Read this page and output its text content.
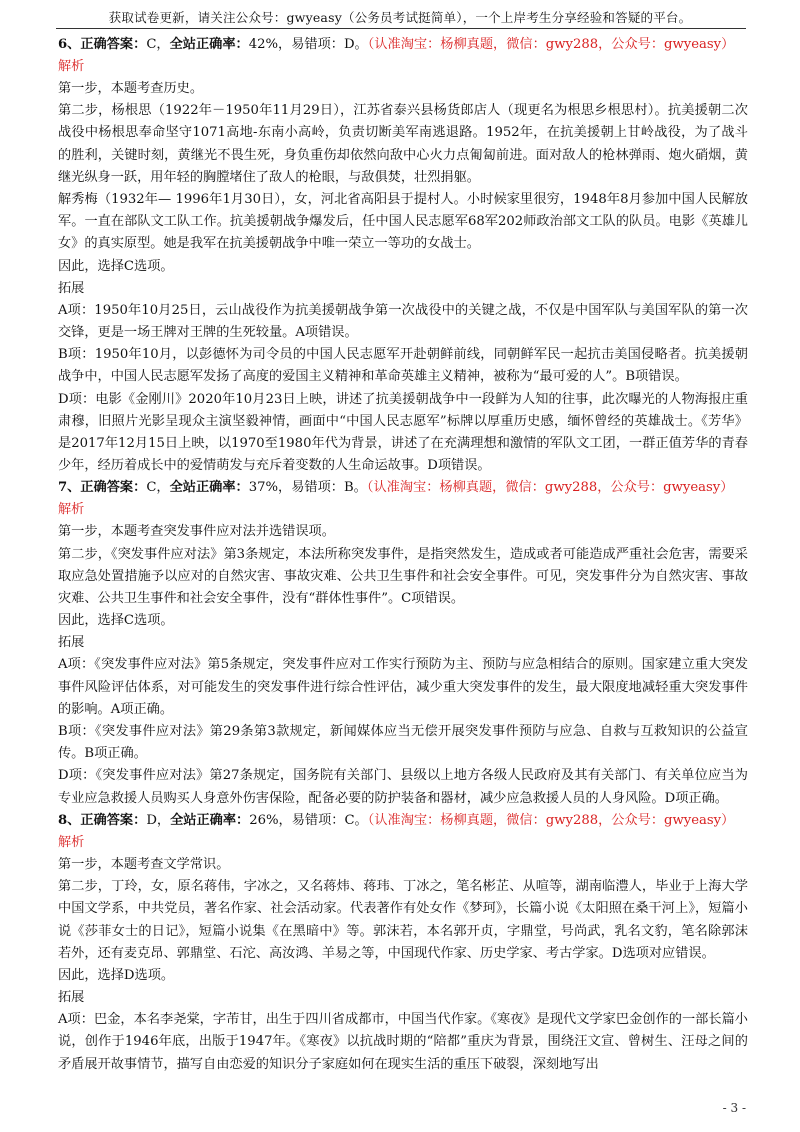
获取试卷更新，请关注公众号：gwyeasy（公务员考试挺简单），一个上岸考生分享经验和答疑的平台。
6、正确答案：C，全站正确率：42%，易错项：D。（认准淘宝：杨柳真题，微信：gwy288，公众号：gwyeasy）
解析

第一步，本题考查历史。

第二步，杨根思（1922年－1950年11月29日），江苏省泰兴县杨货郎店人（现更名为根思乡根思村）。抗美援朝二次战役中杨根思奉命坚守1071高地-东南小高岭，负责切断美军南逃退路。1952年，在抗美援朝上甘岭战役，为了战斗的胜利，关键时刻，黄继光不畏生死，身负重伤却依然向敌中心火力点匍匐前进。面对敌人的枪林弹雨、炮火硝烟，黄继光纵身一跃，用年轻的胸膛堵住了敌人的枪眼，与敌俱焚，壮烈捐躯。

解秀梅（1932年— 1996年1月30日），女，河北省高阳县于提村人。小时候家里很穷，1948年8月参加中国人民解放军。一直在部队文工队工作。抗美援朝战争爆发后，任中国人民志愿军68军202师政治部文工队的队员。电影《英雄儿女》的真实原型。她是我军在抗美援朝战争中唯一荣立一等功的女战士。

因此，选择C选项。

拓展

A项：1950年10月25日，云山战役作为抗美援朝战争第一次战役中的关键之战，不仅是中国军队与美国军队的第一次交锋，更是一场王牌对王牌的生死较量。A项错误。

B项：1950年10月，以彭德怀为司令员的中国人民志愿军开赴朝鲜前线，同朝鲜军民一起抗击美国侵略者。抗美援朝战争中，中国人民志愿军发扬了高度的爱国主义精神和革命英雄主义精神，被称为“最可爱的人”。B项错误。

D项：电影《金刚川》2020年10月23日上映，讲述了抗美援朝战争中一段鲜为人知的往事，此次曝光的人物海报庄重肃穆，旧照片光影呈现众主演坚毅神情，画面中“中国人民志愿军”标牌以厚重历史感，缅怀曾经的英雄战士。《芳华》是2017年12月15日上映，以1970至1980年代为背景，讲述了在充满理想和激情的军队文工团，一群正值芳华的青春少年，经历着成长中的爱情萌发与充斥着变数的人生命运故事。D项错误。

7、正确答案：C，全站正确率：37%，易错项：B。（认准淘宝：杨柳真题，微信：gwy288，公众号：gwyeasy）
解析

第一步，本题考查突发事件应对法并选错误项。

第二步，《突发事件应对法》第3条规定，本法所称突发事件，是指突然发生，造成或者可能造成严重社会危害，需要采取应急处置措施予以应对的自然灾害、事故灾难、公共卫生事件和社会安全事件。可见，突发事件分为自然灾害、事故灾难、公共卫生事件和社会安全事件，没有“群体性事件”。C项错误。

因此，选择C选项。

拓展

A项：《突发事件应对法》第5条规定，突发事件应对工作实行预防为主、预防与应急相结合的原则。国家建立重大突发事件风险评估体系，对可能发生的突发事件进行综合性评估，减少重大突发事件的发生，最大限度地减轻重大突发事件的影响。A项正确。

B项：《突发事件应对法》第29条第3款规定，新闻媒体应当无偿开展突发事件预防与应急、自救与互救知识的公益宣传。B项正确。

D项：《突发事件应对法》第27条规定，国务院有关部门、县级以上地方各级人民政府及其有关部门、有关单位应当为专业应急救援人员购买人身意外伤害保险，配备必要的防护装备和器材，减少应急救援人员的人身风险。D项正确。

8、正确答案：D，全站正确率：26%，易错项：C。（认准淘宝：杨柳真题，微信：gwy288，公众号：gwyeasy）
解析

第一步，本题考查文学常识。

第二步，丁玲，女，原名蒋伟，字冰之，又名蒋炜、蒋玮、丁冰之，笔名彬芷、从喧等，湖南临澧人，毕业于上海大学中国文学系，中共党员，著名作家、社会活动家。代表著作有处女作《梦珂》，长篇小说《太阳照在桑干河上》，短篇小说《莎菲女士的日记》，短篇小说集《在黑暗中》等。郭沫若，本名郭开贞，字鼎堂，号尚武，乳名文豹，笔名除郭沫若外，还有麦克昂、郭鼎堂、石沱、高汝鸿、羊易之等，中国现代作家、历史学家、考古学家。D选项对应错误。

因此，选择D选项。

拓展

A项：巴金，本名李尧棠，字芾甘，出生于四川省成都市，中国当代作家。《寒夜》是现代文学家巴金创作的一部长篇小说，创作于1946年底，出版于1947年。《寒夜》以抗战时期的“陪都”重庆为背景，围绕汪文宣、曾树生、汪母之间的矛盾展开故事情节，描写自由恋爱的知识分子家庭如何在现实生活的重压下破裂，深刻地写出

- 3 -
